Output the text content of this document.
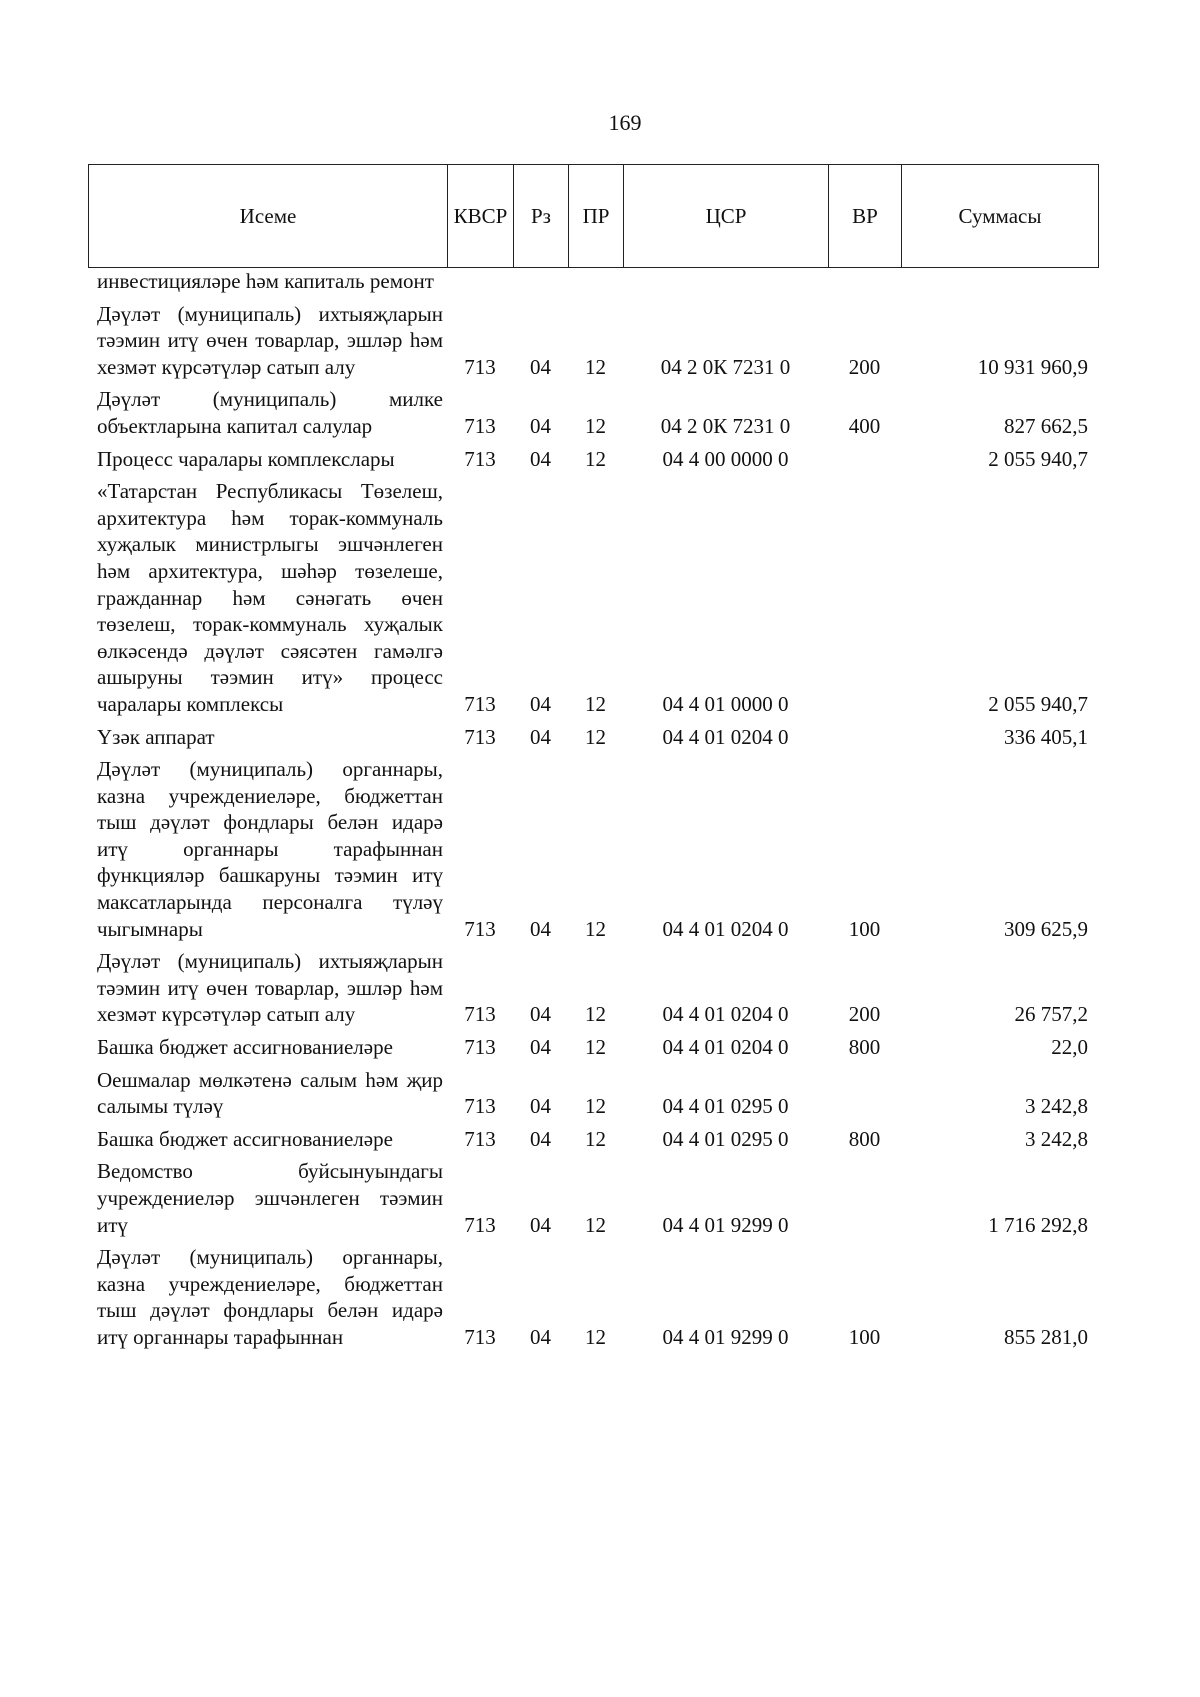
169
Исеме	КВСР	Рз	ПР	ЦСР	ВР	Суммасы
инвестицияләре һәм капиталь ремонт						
Дәүләт (муниципаль) ихтыяҗларын тәэмин итү өчен товарлар, эшләр һәм хезмәт күрсәтүләр сатып алу	713	04	12	04 2 0К 7231 0	200	10 931 960,9
Дәүләт (муниципаль) милке объектларына капитал салулар	713	04	12	04 2 0К 7231 0	400	827 662,5
Процесс чаралары комплекслары	713	04	12	04 4 00 0000 0		2 055 940,7
«Татарстан Республикасы Төзелеш, архитектура һәм торак-коммуналь хуҗалык министрлыгы эшчәнлеген һәм архитектура, шәһәр төзелеше, гражданнар һәм сәнәгать өчен төзелеш, торак-коммуналь хуҗалык өлкәсендә дәүләт сәясәтен гамәлгә ашыруны тәэмин итү» процесс чаралары комплексы	713	04	12	04 4 01 0000 0		2 055 940,7
Үзәк аппарат	713	04	12	04 4 01 0204 0		336 405,1
Дәүләт (муниципаль) органнары, казна учреждениеләре, бюджеттан тыш дәүләт фондлары белән идарә итү органнары тарафыннан функцияләр башкаруны тәэмин итү максатларында персоналга түләү чыгымнары	713	04	12	04 4 01 0204 0	100	309 625,9
Дәүләт (муниципаль) ихтыяҗларын тәэмин итү өчен товарлар, эшләр һәм хезмәт күрсәтүләр сатып алу	713	04	12	04 4 01 0204 0	200	26 757,2
Башка бюджет ассигнованиеләре	713	04	12	04 4 01 0204 0	800	22,0
Оешмалар мөлкәтенә салым һәм җир салымы түләү	713	04	12	04 4 01 0295 0		3 242,8
Башка бюджет ассигнованиеләре	713	04	12	04 4 01 0295 0	800	3 242,8
Ведомство буйсынуындагы учреждениеләр эшчәнлеген тәэмин итү	713	04	12	04 4 01 9299 0		1 716 292,8
Дәүләт (муниципаль) органнары, казна учреждениеләре, бюджеттан тыш дәүләт фондлары белән идарә итү органнары тарафыннан	713	04	12	04 4 01 9299 0	100	855 281,0
